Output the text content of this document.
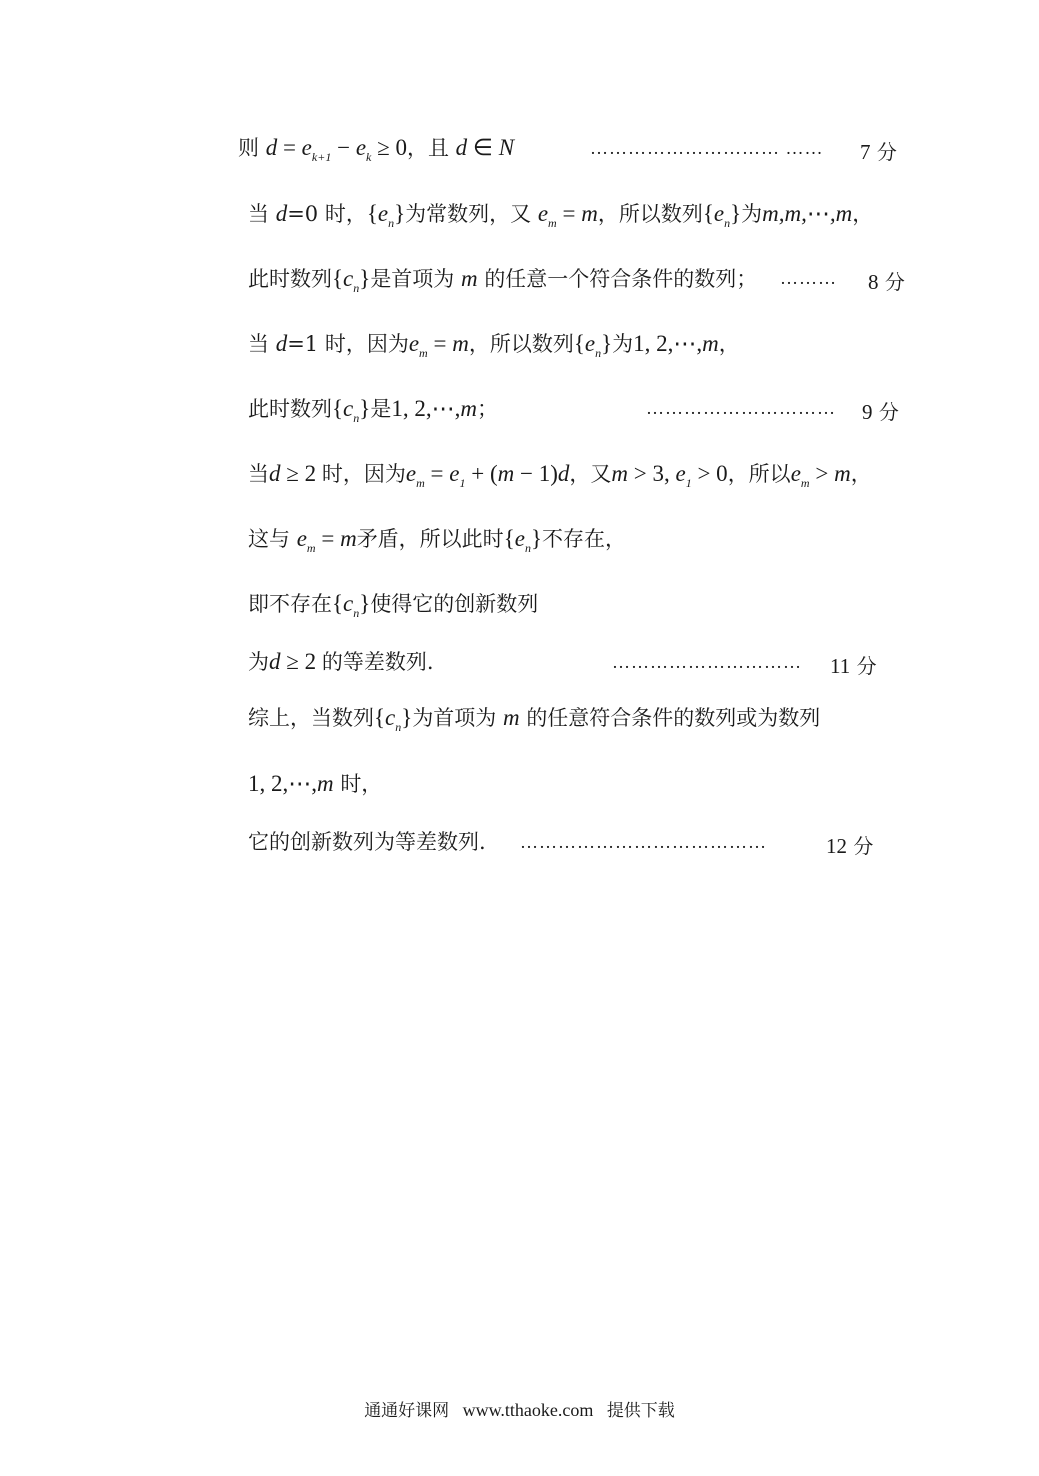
则 $d = e_{k+1} - e_k \ge 0$，且 d ∈ N	………………………… …… 7 分
当 d=0 时，$\{e_n\}$为常数列，又 $e_m = m$，所以数列$\{e_n\}$为m,m,⋯,m，
此时数列$\{c_n\}$是首项为 m 的任意一个符合条件的数列； ……… 8 分
当 d=1 时，因为$e_m = m$，所以数列$\{e_n\}$为1, 2,⋯,m，
此时数列$\{c_n\}$是1, 2,⋯,m；	………………………… 9 分
当d ≥ 2 时，因为$e_m = e_1 + (m - 1)d$，又m > 3, $e_1 > 0$，所以$e_m > m$，
这与 $e_m = m$矛盾，所以此时$\{e_n\}$不存在，
即不存在$\{c_n\}$使得它的创新数列
为d ≥ 2 的等差数列.	………………………… 11 分
综上，当数列$\{c_n\}$为首项为 m 的任意符合条件的数列或为数列
1, 2,⋯,m 时，
它的创新数列为等差数列. …………………………………	12 分
通通好课网 www.tthaoke.com 提供下载
